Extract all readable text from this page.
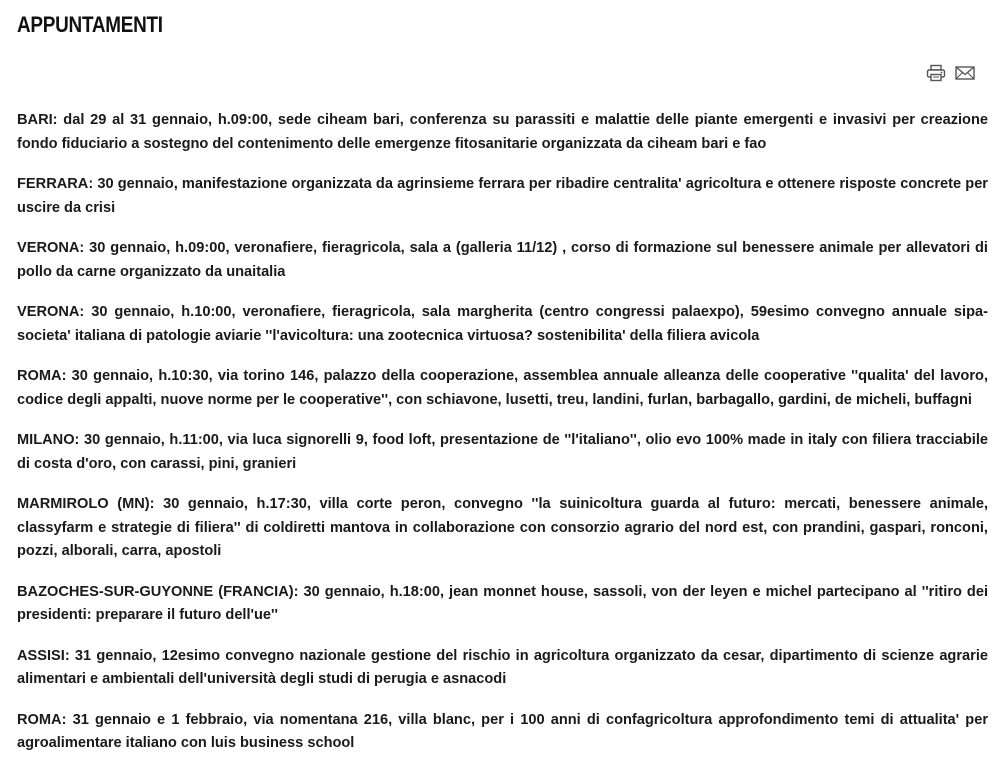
APPUNTAMENTI

BARI: dal 29 al 31 gennaio, h.09:00, sede ciheam bari, conferenza su parassiti e malattie delle piante emergenti e invasivi per creazione fondo fiduciario a sostegno del contenimento delle emergenze fitosanitarie organizzata da ciheam bari e fao

FERRARA: 30 gennaio, manifestazione organizzata da agrinsieme ferrara per ribadire centralita' agricoltura e ottenere risposte concrete per uscire da crisi

VERONA: 30 gennaio, h.09:00, veronafiere, fieragricola, sala a (galleria 11/12) , corso di formazione sul benessere animale per allevatori di pollo da carne organizzato da unaitalia

VERONA: 30 gennaio, h.10:00, veronafiere, fieragricola, sala margherita (centro congressi palaexpo), 59esimo convegno annuale sipa-societa' italiana di patologie aviarie ''l'avicoltura: una zootecnica virtuosa? sostenibilita' della filiera avicola

ROMA: 30 gennaio, h.10:30, via torino 146, palazzo della cooperazione, assemblea annuale alleanza delle cooperative ''qualita' del lavoro, codice degli appalti, nuove norme per le cooperative'', con schiavone, lusetti, treu, landini, furlan, barbagallo, gardini, de micheli, buffagni

MILANO: 30 gennaio, h.11:00, via luca signorelli 9, food loft, presentazione de ''l'italiano'', olio evo 100% made in italy con filiera tracciabile di costa d'oro, con carassi, pini, granieri

MARMIROLO (MN): 30 gennaio, h.17:30, villa corte peron, convegno ''la suinicoltura guarda al futuro: mercati, benessere animale, classyfarm e strategie di filiera'' di coldiretti mantova in collaborazione con consorzio agrario del nord est, con prandini, gaspari, ronconi, pozzi, alborali, carra, apostoli

BAZOCHES-SUR-GUYONNE (FRANCIA): 30 gennaio, h.18:00, jean monnet house, sassoli, von der leyen e michel partecipano al ''ritiro dei presidenti: preparare il futuro dell'ue''

ASSISI: 31 gennaio, 12esimo convegno nazionale gestione del rischio in agricoltura organizzato da cesar, dipartimento di scienze agrarie alimentari e ambientali dell'università degli studi di perugia e asnacodi

ROMA: 31 gennaio e 1 febbraio, via nomentana 216, villa blanc, per i 100 anni di confagricoltura approfondimento temi di attualita' per agroalimentare italiano con luis business school
